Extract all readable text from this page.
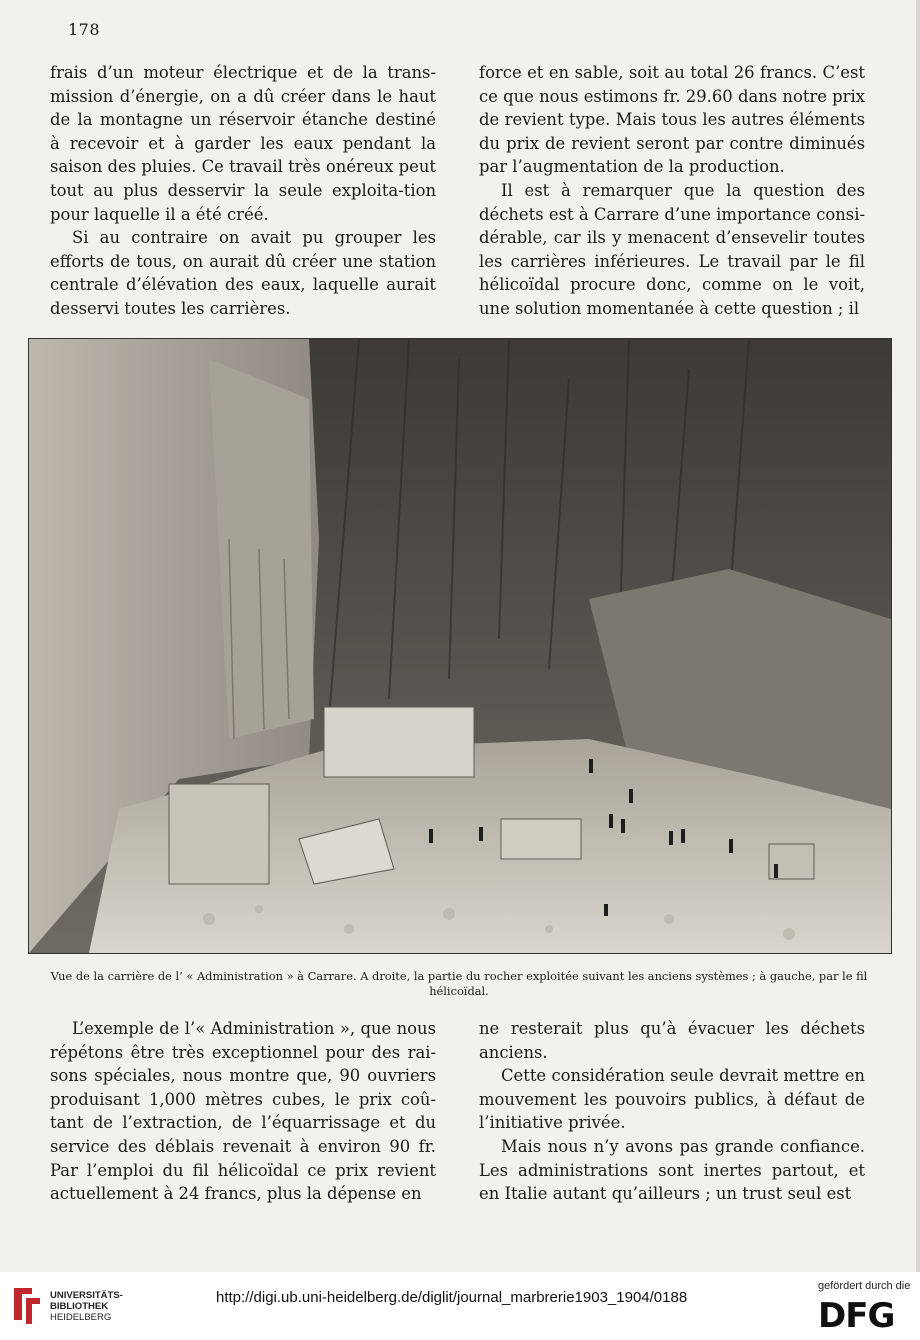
178

frais d’un moteur électrique et de la trans-mission d’énergie, on a dû créer dans le haut de la montagne un réservoir étanche destiné à recevoir et à garder les eaux pendant la saison des pluies. Ce travail très onéreux peut tout au plus desservir la seule exploita-tion pour laquelle il a été créé.

Si au contraire on avait pu grouper les efforts de tous, on aurait dû créer une station centrale d’élévation des eaux, laquelle aurait desservi toutes les carrières.

force et en sable, soit au total 26 francs. C’est ce que nous estimons fr. 29.60 dans notre prix de revient type. Mais tous les autres éléments du prix de revient seront par contre diminués par l’augmentation de la production.

Il est à remarquer que la question des déchets est à Carrare d’une importance consi-dérable, car ils y menacent d’ensevelir toutes les carrières inférieures. Le travail par le fil hélicoïdal procure donc, comme on le voit, une solution momentanée à cette question ; il

Vue de la carrière de l’ « Administration » à Carrare. A droite, la partie du rocher exploitée suivant les anciens systèmes ; à gauche, par le fil hélicoïdal.

L’exemple de l’« Administration », que nous répétons être très exceptionnel pour des rai-sons spéciales, nous montre que, 90 ouvriers produisant 1,000 mètres cubes, le prix coû-tant de l’extraction, de l’équarrissage et du service des déblais revenait à environ 90 fr. Par l’emploi du fil hélicoïdal ce prix revient actuellement à 24 francs, plus la dépense en

ne resterait plus qu’à évacuer les déchets anciens.

Cette considération seule devrait mettre en mouvement les pouvoirs publics, à défaut de l’initiative privée.

Mais nous n’y avons pas grande confiance. Les administrations sont inertes partout, et en Italie autant qu’ailleurs ; un trust seul est

UNIVERSITÄTS-
BIBLIOTHEK
HEIDELBERG
http://digi.ub.uni-heidelberg.de/diglit/journal_marbrerie1903_1904/0188
gefördert durch die
DFG
